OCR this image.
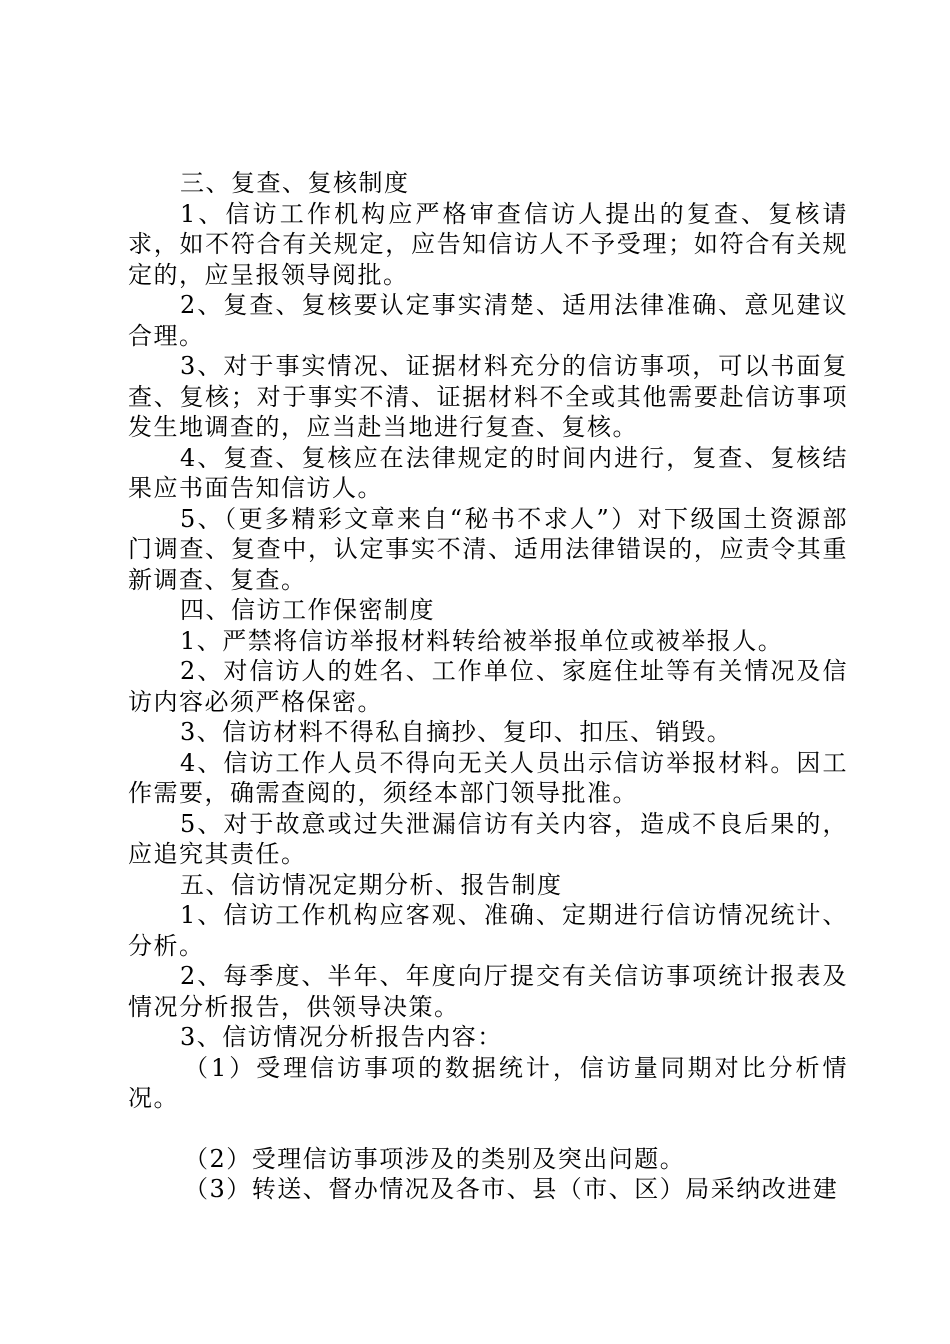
三、复查、复核制度

1、信访工作机构应严格审查信访人提出的复查、复核请求，如不符合有关规定，应告知信访人不予受理；如符合有关规定的，应呈报领导阅批。

2、复查、复核要认定事实清楚、适用法律准确、意见建议合理。

3、对于事实情况、证据材料充分的信访事项，可以书面复查、复核；对于事实不清、证据材料不全或其他需要赴信访事项发生地调查的，应当赴当地进行复查、复核。

4、复查、复核应在法律规定的时间内进行，复查、复核结果应书面告知信访人。

5、（更多精彩文章来自“秘书不求人”）对下级国土资源部门调查、复查中，认定事实不清、适用法律错误的，应责令其重新调查、复查。

四、信访工作保密制度

1、严禁将信访举报材料转给被举报单位或被举报人。

2、对信访人的姓名、工作单位、家庭住址等有关情况及信访内容必须严格保密。

3、信访材料不得私自摘抄、复印、扣压、销毁。

4、信访工作人员不得向无关人员出示信访举报材料。因工作需要，确需查阅的，须经本部门领导批准。

5、对于故意或过失泄漏信访有关内容，造成不良后果的，应追究其责任。

五、信访情况定期分析、报告制度

1、信访工作机构应客观、准确、定期进行信访情况统计、分析。

2、每季度、半年、年度向厅提交有关信访事项统计报表及情况分析报告，供领导决策。

3、信访情况分析报告内容：

（1）受理信访事项的数据统计，信访量同期对比分析情况。

（2）受理信访事项涉及的类别及突出问题。

（3）转送、督办情况及各市、县（市、区）局采纳改进建
